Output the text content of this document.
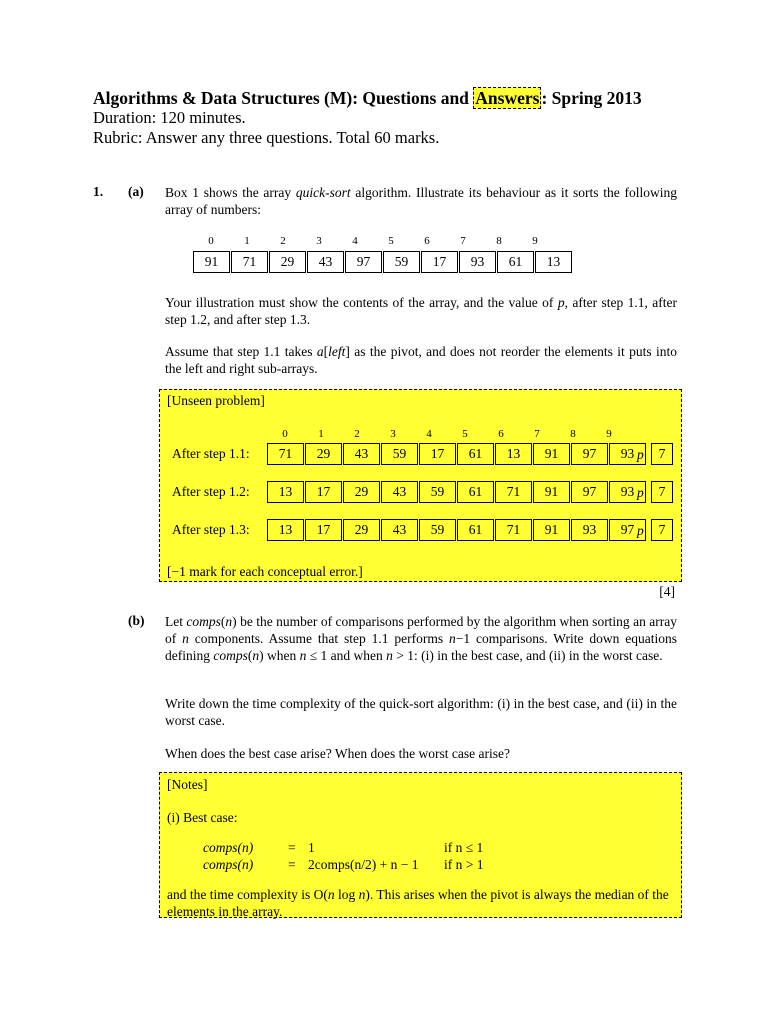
Algorithms & Data Structures (M): Questions and Answers : Spring 2013
Duration: 120 minutes.
Rubric: Answer any three questions. Total 60 marks.
1. (a) Box 1 shows the array quick-sort algorithm. Illustrate its behaviour as it sorts the following array of numbers:
0	1	2	3	4	5	6	7	8	9
91	71	29	43	97	59	17	93	61	13
Your illustration must show the contents of the array, and the value of p, after step 1.1, after step 1.2, and after step 1.3.
Assume that step 1.1 takes a[left] as the pivot, and does not reorder the elements it puts into the left and right sub-arrays.
[Unseen problem]
0	1	2	3	4	5	6	7	8	9
After step 1.1:	71	29	43	59	17	61	13	91	97	93 p	7
After step 1.2:	13	17	29	43	59	61	71	91	97	93 p	7
After step 1.3:	13	17	29	43	59	61	71	91	93	97 p	7
[−1 mark for each conceptual error.]
[4]
(b) Let comps(n) be the number of comparisons performed by the algorithm when sorting an array of n components. Assume that step 1.1 performs n−1 comparisons. Write down equations defining comps(n) when n ≤ 1 and when n > 1: (i) in the best case, and (ii) in the worst case.
Write down the time complexity of the quick-sort algorithm: (i) in the best case, and (ii) in the worst case.
When does the best case arise? When does the worst case arise?
[Notes]
(i) Best case:
comps(n)	= 1	if n ≤ 1
comps(n)	= 2comps(n/2) + n − 1 if n > 1
and the time complexity is O(n log n). This arises when the pivot is always the median of the elements in the array.
